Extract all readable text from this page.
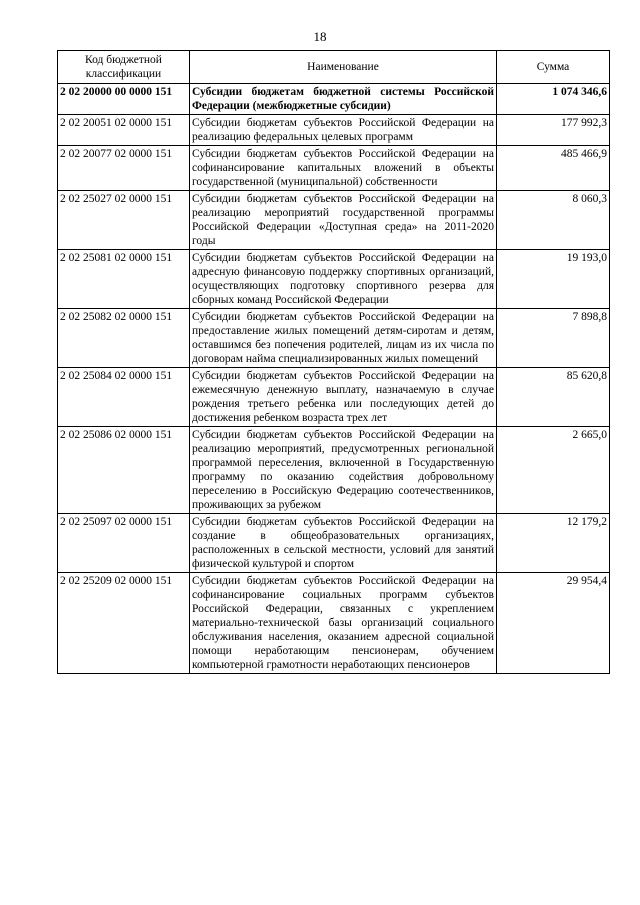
18
Код бюджетной классификации	Наименование	Сумма
2 02 20000 00 0000 151	Субсидии бюджетам бюджетной системы Российской Федерации (межбюджетные субсидии)	1 074 346,6
2 02 20051 02 0000 151	Субсидии бюджетам субъектов Российской Федерации на реализацию федеральных целевых программ	177 992,3
2 02 20077 02 0000 151	Субсидии бюджетам субъектов Российской Федерации на софинансирование капитальных вложений в объекты государственной (муниципальной) собственности	485 466,9
2 02 25027 02 0000 151	Субсидии бюджетам субъектов Российской Федерации на реализацию мероприятий государственной программы Российской Федерации «Доступная среда» на 2011-2020 годы	8 060,3
2 02 25081 02 0000 151	Субсидии бюджетам субъектов Российской Федерации на адресную финансовую поддержку спортивных организаций, осуществляющих подготовку спортивного резерва для сборных команд Российской Федерации	19 193,0
2 02 25082 02 0000 151	Субсидии бюджетам субъектов Российской Федерации на предоставление жилых помещений детям-сиротам и детям, оставшимся без попечения родителей, лицам из их числа по договорам найма специализированных жилых помещений	7 898,8
2 02 25084 02 0000 151	Субсидии бюджетам субъектов Российской Федерации на ежемесячную денежную выплату, назначаемую в случае рождения третьего ребенка или последующих детей до достижения ребенком возраста трех лет	85 620,8
2 02 25086 02 0000 151	Субсидии бюджетам субъектов Российской Федерации на реализацию мероприятий, предусмотренных региональной программой переселения, включенной в Государственную программу по оказанию содействия добровольному переселению в Российскую Федерацию соотечественников, проживающих за рубежом	2 665,0
2 02 25097 02 0000 151	Субсидии бюджетам субъектов Российской Федерации на создание в общеобразовательных организациях, расположенных в сельской местности, условий для занятий физической культурой и спортом	12 179,2
2 02 25209 02 0000 151	Субсидии бюджетам субъектов Российской Федерации на софинансирование социальных программ субъектов Российской Федерации, связанных с укреплением материально-технической базы организаций социального обслуживания населения, оказанием адресной социальной помощи неработающим пенсионерам, обучением компьютерной грамотности неработающих пенсионеров	29 954,4
